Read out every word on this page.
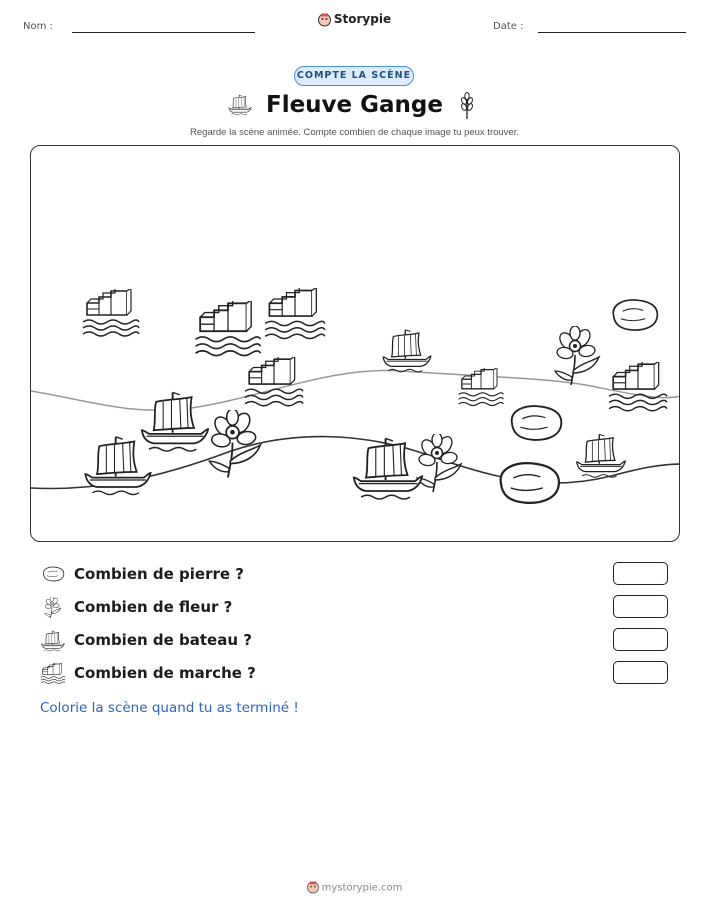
Nom :
Storypie
Date :
COMPTE LA SCÈNE
Fleuve Gange
Regarde la scène animée. Compte combien de chaque image tu peux trouver.
Combien de pierre ?
Combien de fleur ?
Combien de bateau ?
Combien de marche ?
Colorie la scène quand tu as terminé !
mystorypie.com
